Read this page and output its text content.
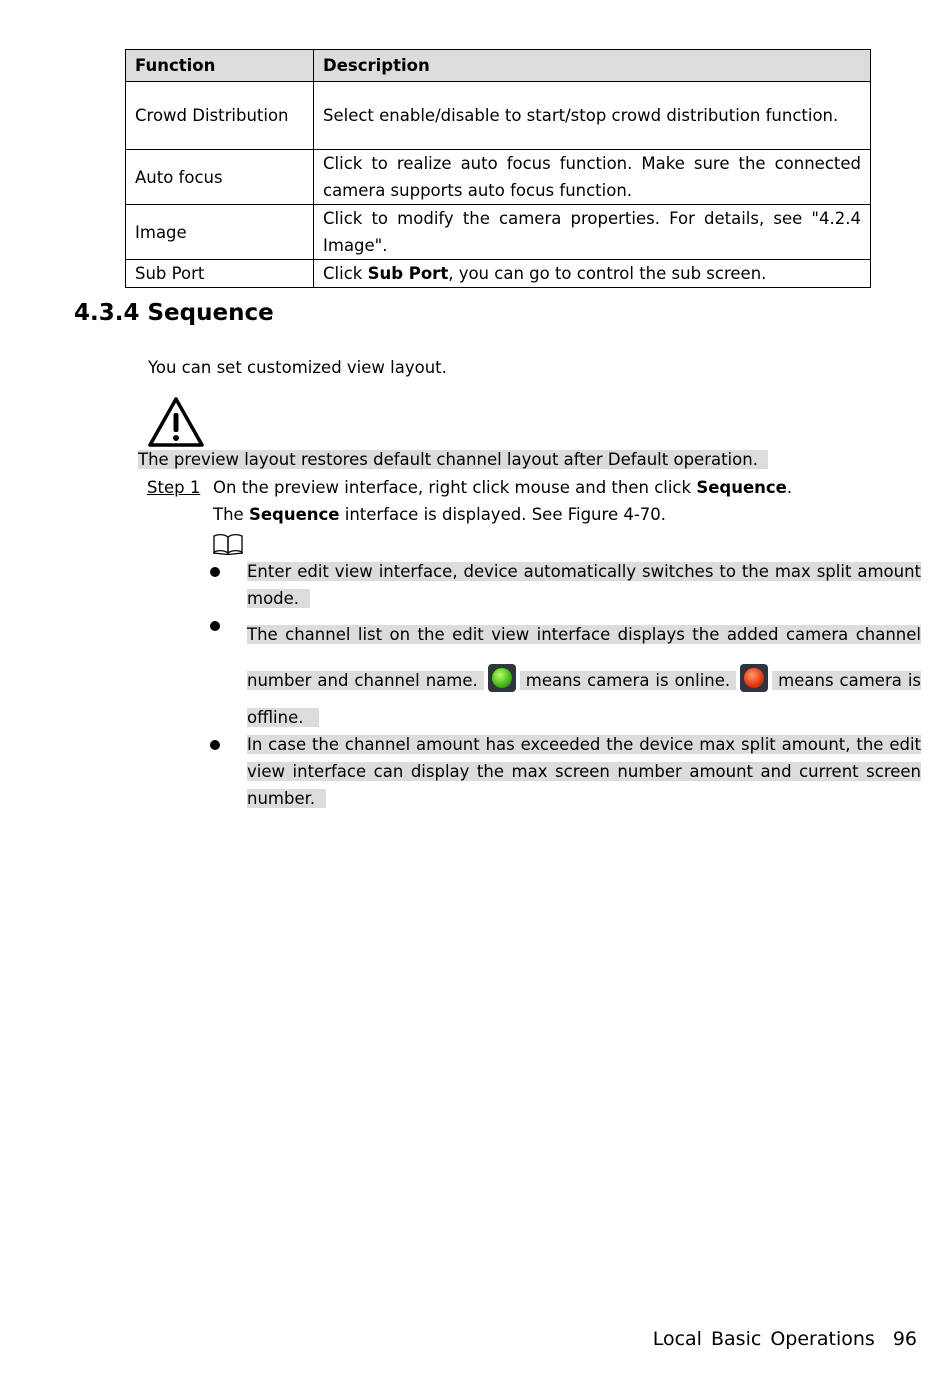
Function	Description
Crowd Distribution	Select enable/disable to start/stop crowd distribution function.
Auto focus	Click to realize auto focus function. Make sure the connected camera supports auto focus function.
Image	Click to modify the camera properties. For details, see "4.2.4 Image".
Sub Port	Click Sub Port, you can go to control the sub screen.
4.3.4 Sequence

You can set customized view layout.

The preview layout restores default channel layout after Default operation.

Step 1 On the preview interface, right click mouse and then click Sequence.

The Sequence interface is displayed. See Figure 4-70.

Enter edit view interface, device automatically switches to the max split amount mode.
The channel list on the edit view interface displays the added camera channel number and channel name.  means camera is online.  means camera is offline.
In case the channel amount has exceeded the device max split amount, the edit view interface can display the max screen number amount and current screen number.
Local Basic Operations 96
